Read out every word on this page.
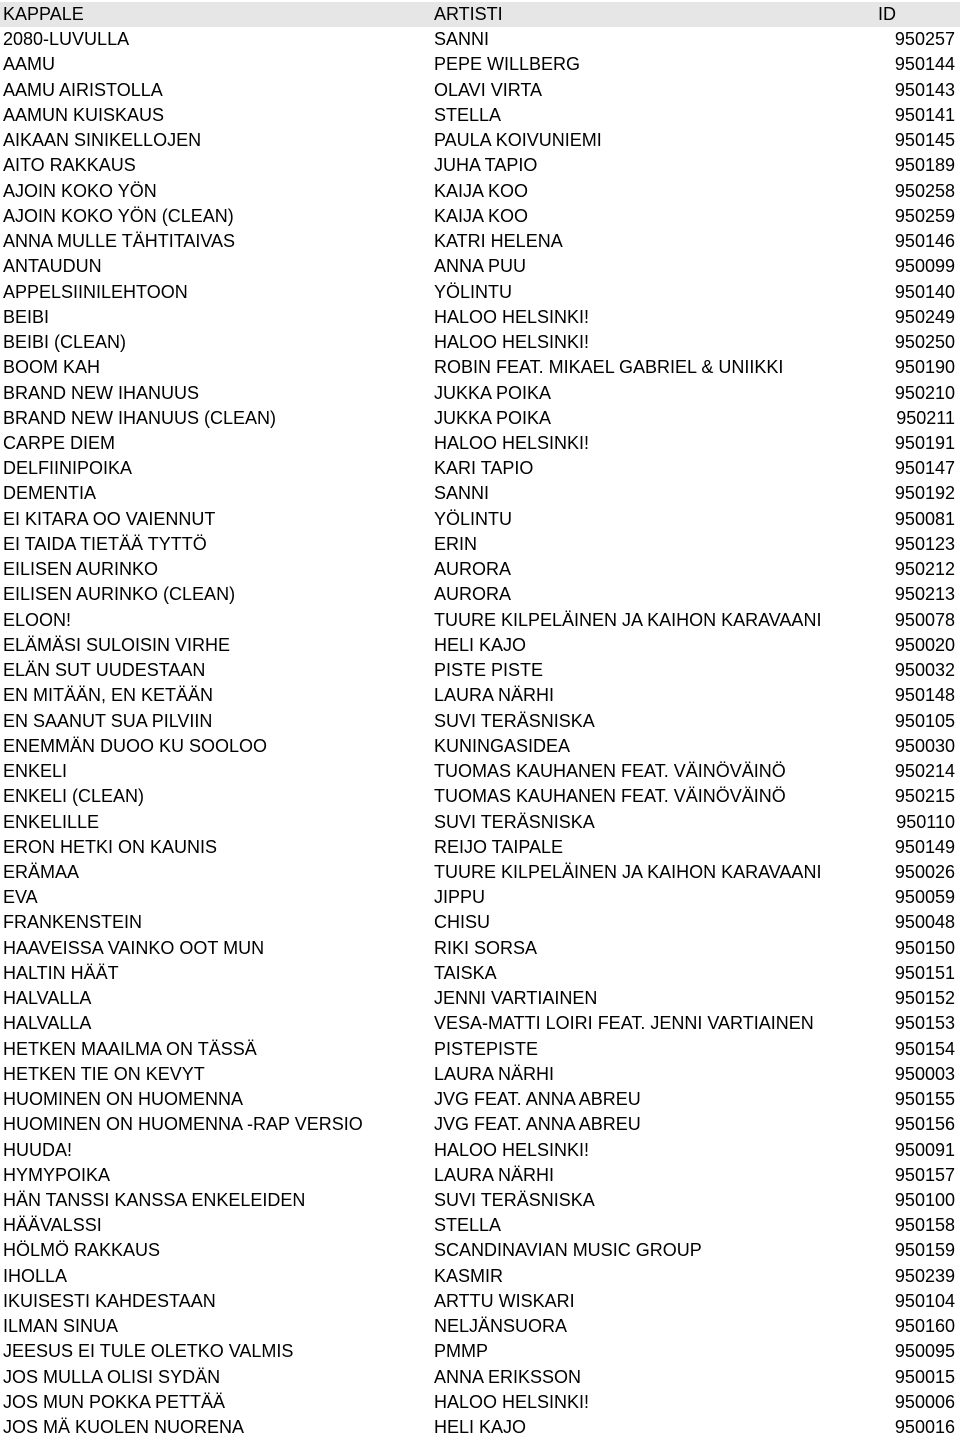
KAPPALE	ARTISTI	ID
2080-LUVULLA	SANNI	950257
AAMU	PEPE WILLBERG	950144
AAMU AIRISTOLLA	OLAVI VIRTA	950143
AAMUN KUISKAUS	STELLA	950141
AIKAAN SINIKELLOJEN	PAULA KOIVUNIEMI	950145
AITO RAKKAUS	JUHA TAPIO	950189
AJOIN KOKO YÖN	KAIJA KOO	950258
AJOIN KOKO YÖN (CLEAN)	KAIJA KOO	950259
ANNA MULLE TÄHTITAIVAS	KATRI HELENA	950146
ANTAUDUN	ANNA PUU	950099
APPELSIINILEHTOON	YÖLINTU	950140
BEIBI	HALOO HELSINKI!	950249
BEIBI (CLEAN)	HALOO HELSINKI!	950250
BOOM KAH	ROBIN FEAT. MIKAEL GABRIEL & UNIIKKI	950190
BRAND NEW IHANUUS	JUKKA POIKA	950210
BRAND NEW IHANUUS (CLEAN)	JUKKA POIKA	950211
CARPE DIEM	HALOO HELSINKI!	950191
DELFIINIPOIKA	KARI TAPIO	950147
DEMENTIA	SANNI	950192
EI KITARA OO VAIENNUT	YÖLINTU	950081
EI TAIDA TIETÄÄ TYTTÖ	ERIN	950123
EILISEN AURINKO	AURORA	950212
EILISEN AURINKO (CLEAN)	AURORA	950213
ELOON!	TUURE KILPELÄINEN JA KAIHON KARAVAANI	950078
ELÄMÄSI SULOISIN VIRHE	HELI KAJO	950020
ELÄN SUT UUDESTAAN	PISTE PISTE	950032
EN MITÄÄN, EN KETÄÄN	LAURA NÄRHI	950148
EN SAANUT SUA PILVIIN	SUVI TERÄSNISKA	950105
ENEMMÄN DUOO KU SOOLOO	KUNINGASIDEA	950030
ENKELI	TUOMAS KAUHANEN FEAT. VÄINÖVÄINÖ	950214
ENKELI (CLEAN)	TUOMAS KAUHANEN FEAT. VÄINÖVÄINÖ	950215
ENKELILLE	SUVI TERÄSNISKA	950110
ERON HETKI ON KAUNIS	REIJO TAIPALE	950149
ERÄMAA	TUURE KILPELÄINEN JA KAIHON KARAVAANI	950026
EVA	JIPPU	950059
FRANKENSTEIN	CHISU	950048
HAAVEISSA VAINKO OOT MUN	RIKI SORSA	950150
HALTIN HÄÄT	TAISKA	950151
HALVALLA	JENNI VARTIAINEN	950152
HALVALLA	VESA-MATTI LOIRI FEAT. JENNI VARTIAINEN	950153
HETKEN MAAILMA ON TÄSSÄ	PISTEPISTE	950154
HETKEN TIE ON KEVYT	LAURA NÄRHI	950003
HUOMINEN ON HUOMENNA	JVG FEAT. ANNA ABREU	950155
HUOMINEN ON HUOMENNA -RAP VERSIO	JVG FEAT. ANNA ABREU	950156
HUUDA!	HALOO HELSINKI!	950091
HYMYPOIKA	LAURA NÄRHI	950157
HÄN TANSSI KANSSA ENKELEIDEN	SUVI TERÄSNISKA	950100
HÄÄVALSSI	STELLA	950158
HÖLMÖ RAKKAUS	SCANDINAVIAN MUSIC GROUP	950159
IHOLLA	KASMIR	950239
IKUISESTI KAHDESTAAN	ARTTU WISKARI	950104
ILMAN SINUA	NELJÄNSUORA	950160
JEESUS EI TULE OLETKO VALMIS	PMMP	950095
JOS MULLA OLISI SYDÄN	ANNA ERIKSSON	950015
JOS MUN POKKA PETTÄÄ	HALOO HELSINKI!	950006
JOS MÄ KUOLEN NUORENA	HELI KAJO	950016
